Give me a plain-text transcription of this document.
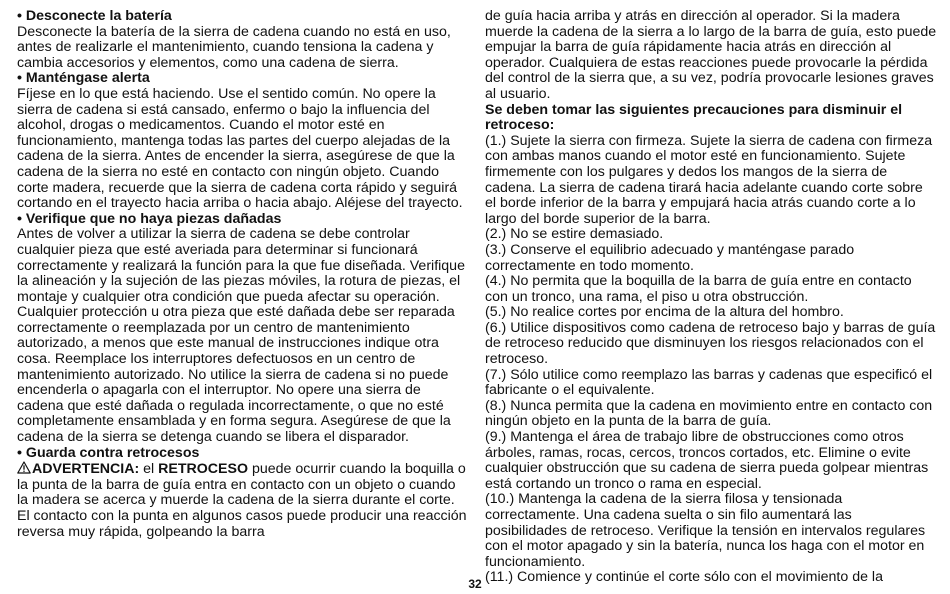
• Desconecte la batería
Desconecte la batería de la sierra de cadena cuando no está en uso, antes de realizarle el mantenimiento, cuando tensiona la cadena y cambia accesorios y elementos, como una cadena de sierra.
• Manténgase alerta
Fíjese en lo que está haciendo. Use el sentido común. No opere la sierra de cadena si está cansado, enfermo o bajo la influencia del alcohol, drogas o medicamentos. Cuando el motor esté en funcionamiento, mantenga todas las partes del cuerpo alejadas de la cadena de la sierra. Antes de encender la sierra, asegúrese de que la cadena de la sierra no esté en contacto con ningún objeto. Cuando corte madera, recuerde que la sierra de cadena corta rápido y seguirá cortando en el trayecto hacia arriba o hacia abajo. Aléjese del trayecto.
• Verifique que no haya piezas dañadas
Antes de volver a utilizar la sierra de cadena se debe controlar cualquier pieza que esté averiada para determinar si funcionará correctamente y realizará la función para la que fue diseñada. Verifique la alineación y la sujeción de las piezas móviles, la rotura de piezas, el montaje y cualquier otra condición que pueda afectar su operación. Cualquier protección u otra pieza que esté dañada debe ser reparada correctamente o reemplazada por un centro de mantenimiento autorizado, a menos que este manual de instrucciones indique otra cosa. Reemplace los interruptores defectuosos en un centro de mantenimiento autorizado. No utilice la sierra de cadena si no puede encenderla o apagarla con el interruptor. No opere una sierra de cadena que esté dañada o regulada incorrectamente, o que no esté completamente ensamblada y en forma segura. Asegúrese de que la cadena de la sierra se detenga cuando se libera el disparador.
• Guarda contra retrocesos
ADVERTENCIA: el RETROCESO puede ocurrir cuando la boquilla o la punta de la barra de guía entra en contacto con un objeto o cuando la madera se acerca y muerde la cadena de la sierra durante el corte. El contacto con la punta en algunos casos puede producir una reacción reversa muy rápida, golpeando la barra
de guía hacia arriba y atrás en dirección al operador. Si la madera muerde la cadena de la sierra a lo largo de la barra de guía, esto puede empujar la barra de guía rápidamente hacia atrás en dirección al operador. Cualquiera de estas reacciones puede provocarle la pérdida del control de la sierra que, a su vez, podría provocarle lesiones graves al usuario.
Se deben tomar las siguientes precauciones para disminuir el retroceso:
(1.) Sujete la sierra con firmeza. Sujete la sierra de cadena con firmeza con ambas manos cuando el motor esté en funcionamiento. Sujete firmemente con los pulgares y dedos los mangos de la sierra de cadena. La sierra de cadena tirará hacia adelante cuando corte sobre el borde inferior de la barra y empujará hacia atrás cuando corte a lo largo del borde superior de la barra.
(2.) No se estire demasiado.
(3.) Conserve el equilibrio adecuado y manténgase parado correctamente en todo momento.
(4.) No permita que la boquilla de la barra de guía entre en contacto con un tronco, una rama, el piso u otra obstrucción.
(5.) No realice cortes por encima de la altura del hombro.
(6.) Utilice dispositivos como cadena de retroceso bajo y barras de guía de retroceso reducido que disminuyen los riesgos relacionados con el retroceso.
(7.) Sólo utilice como reemplazo las barras y cadenas que especificó el fabricante o el equivalente.
(8.) Nunca permita que la cadena en movimiento entre en contacto con ningún objeto en la punta de la barra de guía.
(9.) Mantenga el área de trabajo libre de obstrucciones como otros árboles, ramas, rocas, cercos, troncos cortados, etc. Elimine o evite cualquier obstrucción que su cadena de sierra pueda golpear mientras está cortando un tronco o rama en especial.
(10.) Mantenga la cadena de la sierra filosa y tensionada correctamente. Una cadena suelta o sin filo aumentará las posibilidades de retroceso. Verifique la tensión en intervalos regulares con el motor apagado y sin la batería, nunca los haga con el motor en funcionamiento.
(11.) Comience y continúe el corte sólo con el movimiento de la
32
